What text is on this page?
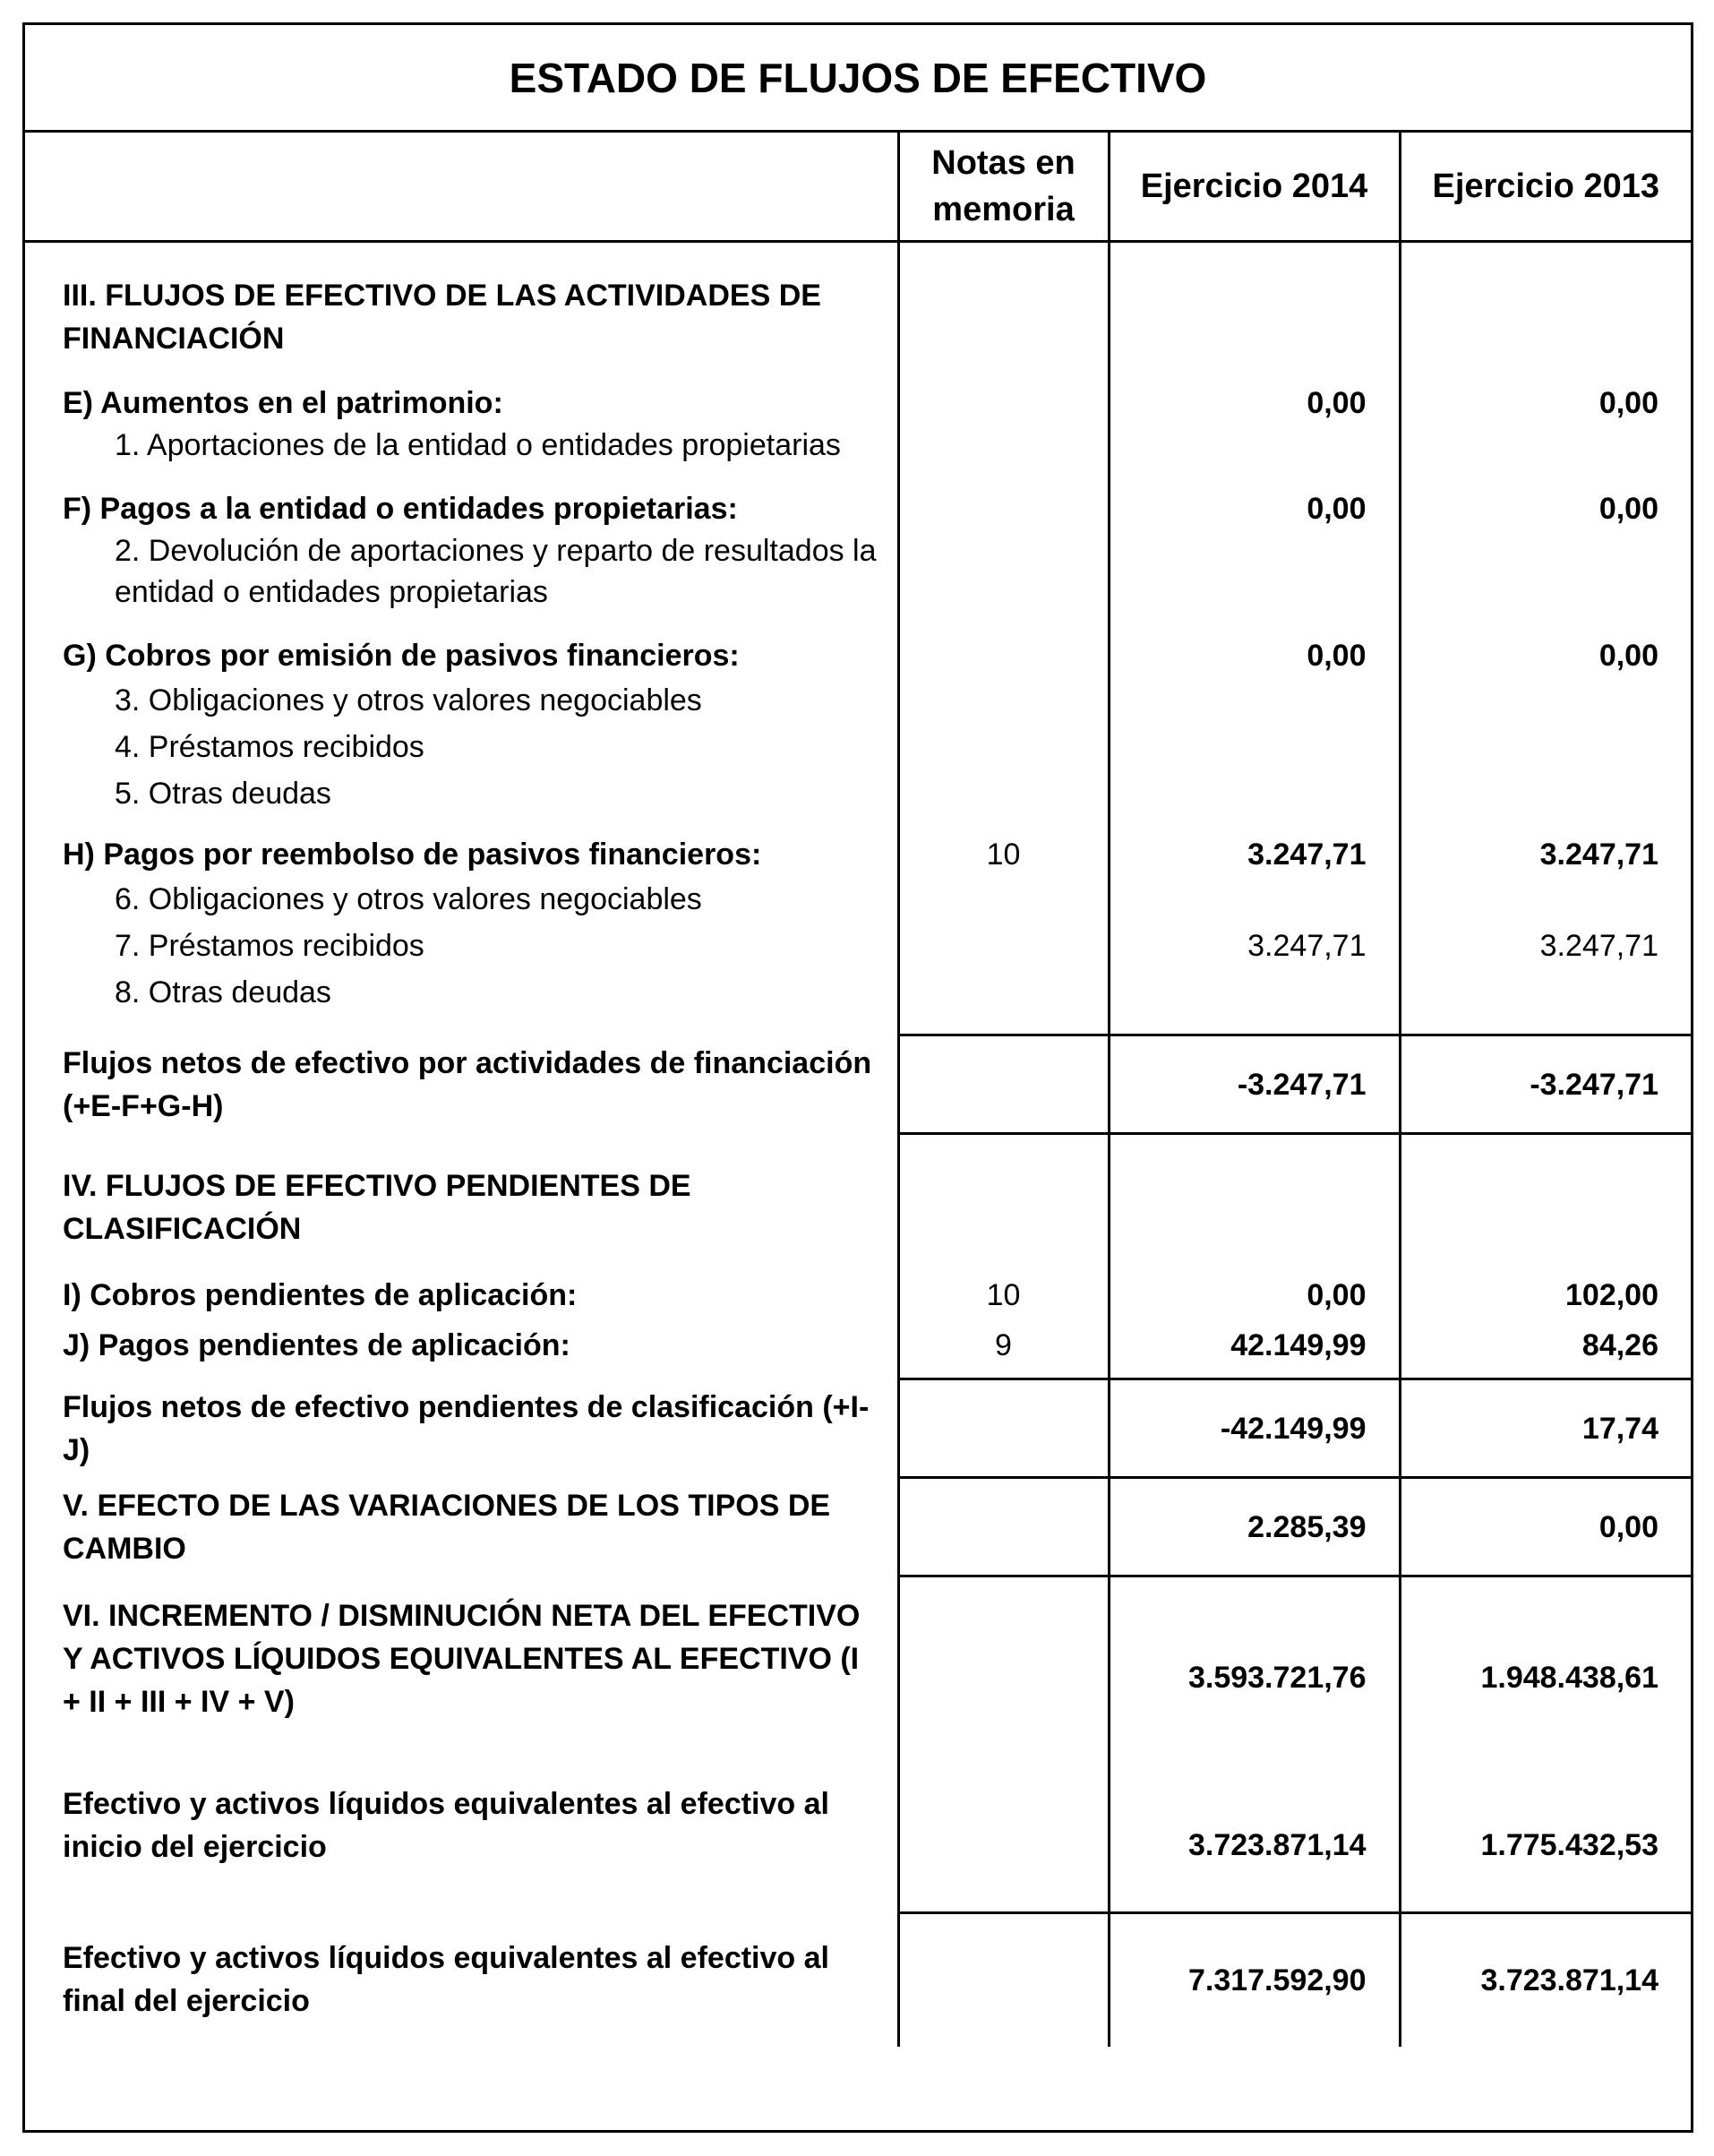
ESTADO DE FLUJOS DE EFECTIVO
	Notas en memoria	Ejercicio 2014	Ejercicio 2013

III. FLUJOS DE EFECTIVO DE LAS ACTIVIDADES DE FINANCIACIÓN			

E) Aumentos en el patrimonio:		0,00	0,00
1. Aportaciones de la entidad o entidades propietarias			

F) Pagos a la entidad o entidades propietarias:		0,00	0,00
2. Devolución de aportaciones y reparto de resultados la entidad o entidades propietarias			

G) Cobros por emisión de pasivos financieros:		0,00	0,00
3. Obligaciones y otros valores negociables			
4. Préstamos recibidos			
5. Otras deudas			

H) Pagos por reembolso de pasivos financieros:	10	3.247,71	3.247,71
6. Obligaciones y otros valores negociables			
7. Préstamos recibidos		3.247,71	3.247,71
8. Otras deudas			

Flujos netos de efectivo por actividades de financiación (+E-F+G-H)		-3.247,71	-3.247,71

IV. FLUJOS DE EFECTIVO PENDIENTES DE CLASIFICACIÓN			

I) Cobros pendientes de aplicación:	10	0,00	102,00
J) Pagos pendientes de aplicación:	9	42.149,99	84,26

Flujos netos de efectivo pendientes de clasificación (+I-J)		-42.149,99	17,74
V. EFECTO DE LAS VARIACIONES DE LOS TIPOS DE CAMBIO		2.285,39	0,00
VI. INCREMENTO / DISMINUCIÓN NETA DEL EFECTIVO Y ACTIVOS LÍQUIDOS EQUIVALENTES AL EFECTIVO (I + II + III + IV + V)		3.593.721,76	1.948.438,61
Efectivo y activos líquidos equivalentes al efectivo al inicio del ejercicio		3.723.871,14	1.775.432,53
Efectivo y activos líquidos equivalentes al efectivo al final del ejercicio		7.317.592,90	3.723.871,14
